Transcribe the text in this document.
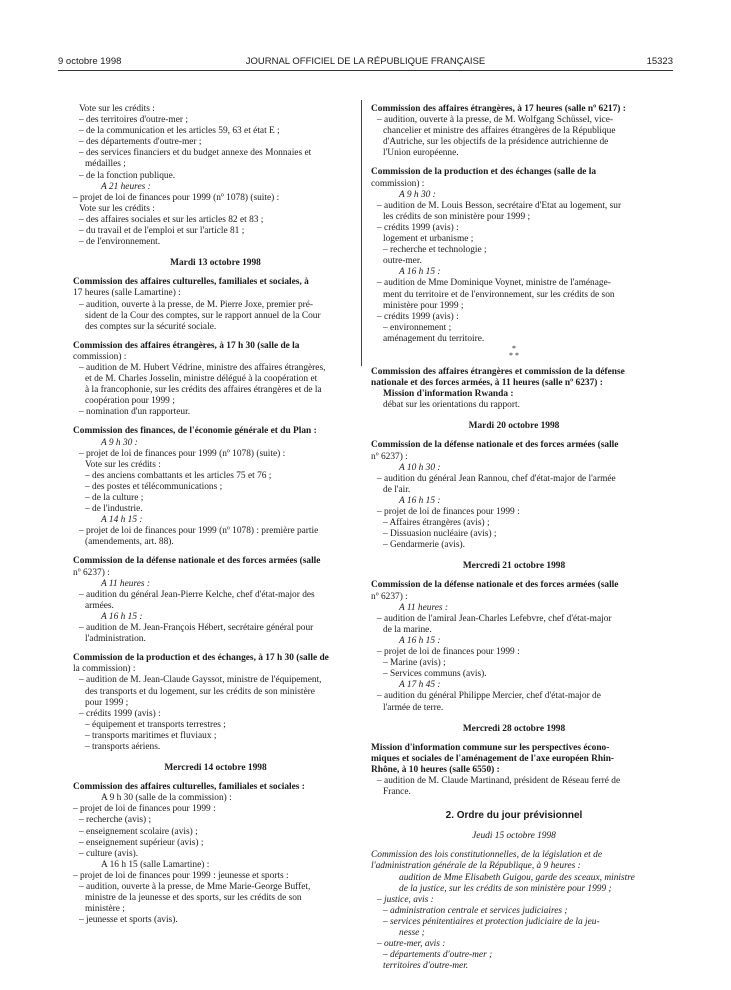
9 octobre 1998	JOURNAL OFFICIEL DE LA RÉPUBLIQUE FRANÇAISE	15323
Vote sur les crédits :
– des territoires d'outre-mer ;
– de la communication et les articles 59, 63 et état E ;
– des départements d'outre-mer ;
– des services financiers et du budget annexe des Monnaies et
médailles ;
– de la fonction publique.
A 21 heures :
– projet de loi de finances pour 1999 (nº 1078) (suite) :
Vote sur les crédits :
– des affaires sociales et sur les articles 82 et 83 ;
– du travail et de l'emploi et sur l'article 81 ;
– de l'environnement.
Mardi 13 octobre 1998
Commission des affaires culturelles, familiales et sociales, à
17 heures (salle Lamartine) :
– audition, ouverte à la presse, de M. Pierre Joxe, premier pré-
sident de la Cour des comptes, sur le rapport annuel de la Cour
des comptes sur la sécurité sociale.
Commission des affaires étrangères, à 17 h 30 (salle de la
commission) :
– audition de M. Hubert Védrine, ministre des affaires étrangères,
et de M. Charles Josselin, ministre délégué à la coopération et
à la francophonie, sur les crédits des affaires étrangères et de la
coopération pour 1999 ;
– nomination d'un rapporteur.
Commission des finances, de l'économie générale et du Plan :
A 9 h 30 :
– projet de loi de finances pour 1999 (nº 1078) (suite) :
Vote sur les crédits :
– des anciens combattants et les articles 75 et 76 ;
– des postes et télécommunications ;
– de la culture ;
– de l'industrie.
A 14 h 15 :
– projet de loi de finances pour 1999 (nº 1078) : première partie
(amendements, art. 88).
Commission de la défense nationale et des forces armées (salle
nº 6237) :
A 11 heures :
– audition du général Jean-Pierre Kelche, chef d'état-major des
armées.
A 16 h 15 :
– audition de M. Jean-François Hébert, secrétaire général pour
l'administration.
Commission de la production et des échanges, à 17 h 30 (salle de
la commission) :
– audition de M. Jean-Claude Gayssot, ministre de l'équipement,
des transports et du logement, sur les crédits de son ministère
pour 1999 ;
– crédits 1999 (avis) :
– équipement et transports terrestres ;
– transports maritimes et fluviaux ;
– transports aériens.
Mercredi 14 octobre 1998
Commission des affaires culturelles, familiales et sociales :
A 9 h 30 (salle de la commission) :
– projet de loi de finances pour 1999 :
– recherche (avis) ;
– enseignement scolaire (avis) ;
– enseignement supérieur (avis) ;
– culture (avis).
A 16 h 15 (salle Lamartine) :
– projet de loi de finances pour 1999 : jeunesse et sports :
– audition, ouverte à la presse, de Mme Marie-George Buffet,
ministre de la jeunesse et des sports, sur les crédits de son
ministère ;
– jeunesse et sports (avis).
Commission des affaires étrangères, à 17 heures (salle nº 6217) :
– audition, ouverte à la presse, de M. Wolfgang Schüssel, vice-
chancelier et ministre des affaires étrangères de la République
d'Autriche, sur les objectifs de la présidence autrichienne de
l'Union européenne.
Commission de la production et des échanges (salle de la
commission) :
A 9 h 30 :
– audition de M. Louis Besson, secrétaire d'Etat au logement, sur
les crédits de son ministère pour 1999 ;
– crédits 1999 (avis) :
logement et urbanisme ;
– recherche et technologie ;
outre-mer.
A 16 h 15 :
– audition de Mme Dominique Voynet, ministre de l'aménage-
ment du territoire et de l'environnement, sur les crédits de son
ministère pour 1999 ;
– crédits 1999 (avis) :
– environnement ;
aménagement du territoire.
*
* *
Commission des affaires étrangères et commission de la défense
nationale et des forces armées, à 11 heures (salle nº 6237) :
Mission d'information Rwanda :
débat sur les orientations du rapport.
Mardi 20 octobre 1998
Commission de la défense nationale et des forces armées (salle
nº 6237) :
A 10 h 30 :
– audition du général Jean Rannou, chef d'état-major de l'armée
de l'air.
A 16 h 15 :
– projet de loi de finances pour 1999 :
– Affaires étrangères (avis) ;
– Dissuasion nucléaire (avis) ;
– Gendarmerie (avis).
Mercredi 21 octobre 1998
Commission de la défense nationale et des forces armées (salle
nº 6237) :
A 11 heures :
– audition de l'amiral Jean-Charles Lefebvre, chef d'état-major
de la marine.
A 16 h 15 :
– projet de loi de finances pour 1999 :
– Marine (avis) ;
– Services communs (avis).
A 17 h 45 :
– audition du général Philippe Mercier, chef d'état-major de
l'armée de terre.
Mercredi 28 octobre 1998
Mission d'information commune sur les perspectives écono-
miques et sociales de l'aménagement de l'axe européen Rhin-
Rhône, à 10 heures (salle 6550) :
– audition de M. Claude Martinand, président de Réseau ferré de
France.
2. Ordre du jour prévisionnel
Jeudi 15 octobre 1998
Commission des lois constitutionnelles, de la législation et de
l'administration générale de la République, à 9 heures :
audition de Mme Elisabeth Guigou, garde des sceaux, ministre
de la justice, sur les crédits de son ministère pour 1999 ;
– justice, avis :
– administration centrale et services judiciaires ;
– services pénitentiaires et protection judiciaire de la jeu-
nesse ;
– outre-mer, avis :
– départements d'outre-mer ;
territoires d'outre-mer.
